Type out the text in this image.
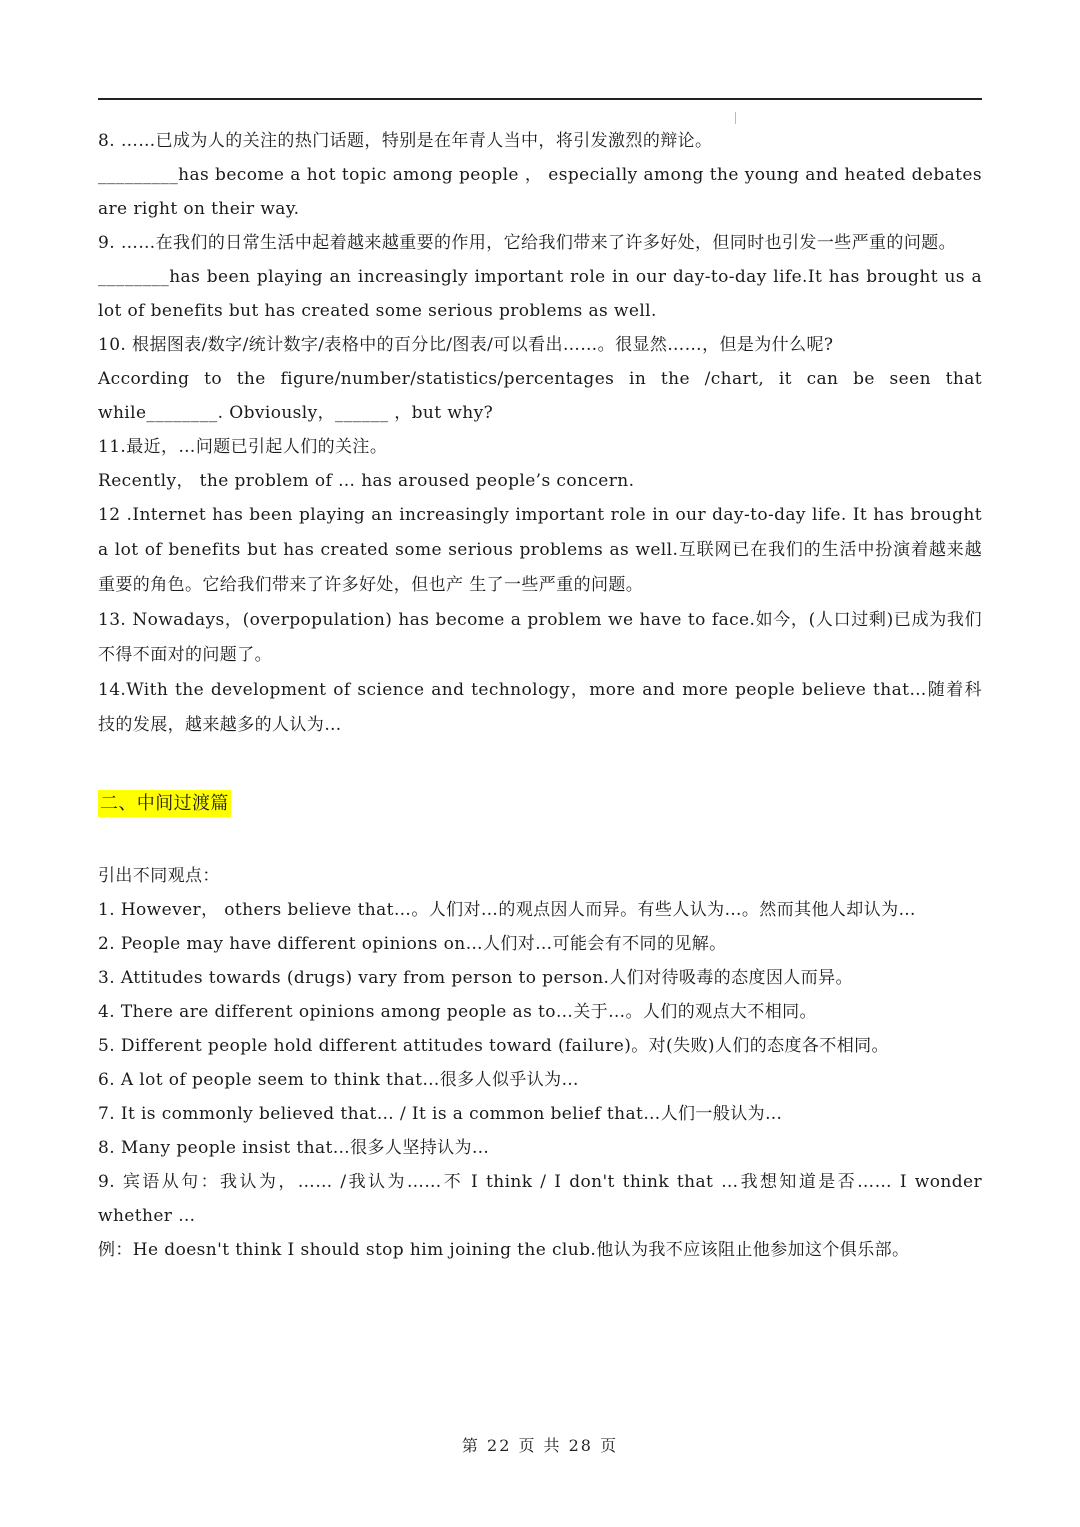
8. ……已成为人的关注的热门话题，特别是在年青人当中，将引发激烈的辩论。

_________has become a hot topic among people ， especially among the young and heated debates are right on their way.

9. ……在我们的日常生活中起着越来越重要的作用，它给我们带来了许多好处，但同时也引发一些严重的问题。

________has been playing an increasingly important role in our day-to-day life.It has brought us a lot of benefits but has created some serious problems as well.

10. 根据图表/数字/统计数字/表格中的百分比/图表/可以看出……。很显然……，但是为什么呢?

According to the figure/number/statistics/percentages in the /chart, it can be seen that while________. Obviously，______ ，but why?

11.最近，…问题已引起人们的关注。

Recently， the problem of … has aroused people’s concern.

12 .Internet has been playing an increasingly important role in our day-to-day life. It has brought a lot of benefits but has created some serious problems as well.互联网已在我们的生活中扮演着越来越重要的角色。它给我们带来了许多好处，但也产 生了一些严重的问题。

13. Nowadays，(overpopulation) has become a problem we have to face.如今，(人口过剩)已成为我们不得不面对的问题了。

14.With the development of science and technology，more and more people believe that…随着科技的发展，越来越多的人认为…

二、中间过渡篇

引出不同观点：

1. However， others believe that…。人们对…的观点因人而异。有些人认为…。然而其他人却认为…

2. People may have different opinions on…人们对…可能会有不同的见解。

3. Attitudes towards (drugs) vary from person to person.人们对待吸毒的态度因人而异。

4. There are different opinions among people as to…关于…。人们的观点大不相同。

5. Different people hold different attitudes toward (failure)。对(失败)人们的态度各不相同。

6. A lot of people seem to think that…很多人似乎认为…

7. It is commonly believed that… / It is a common belief that…人们一般认为…

8. Many people insist that…很多人坚持认为…

9. 宾语从句：我认为，…… /我认为……不 I think / I don't think that …我想知道是否…… I wonder whether …

例：He doesn't think I should stop him joining the club.他认为我不应该阻止他参加这个俱乐部。

第 22 页 共 28 页
